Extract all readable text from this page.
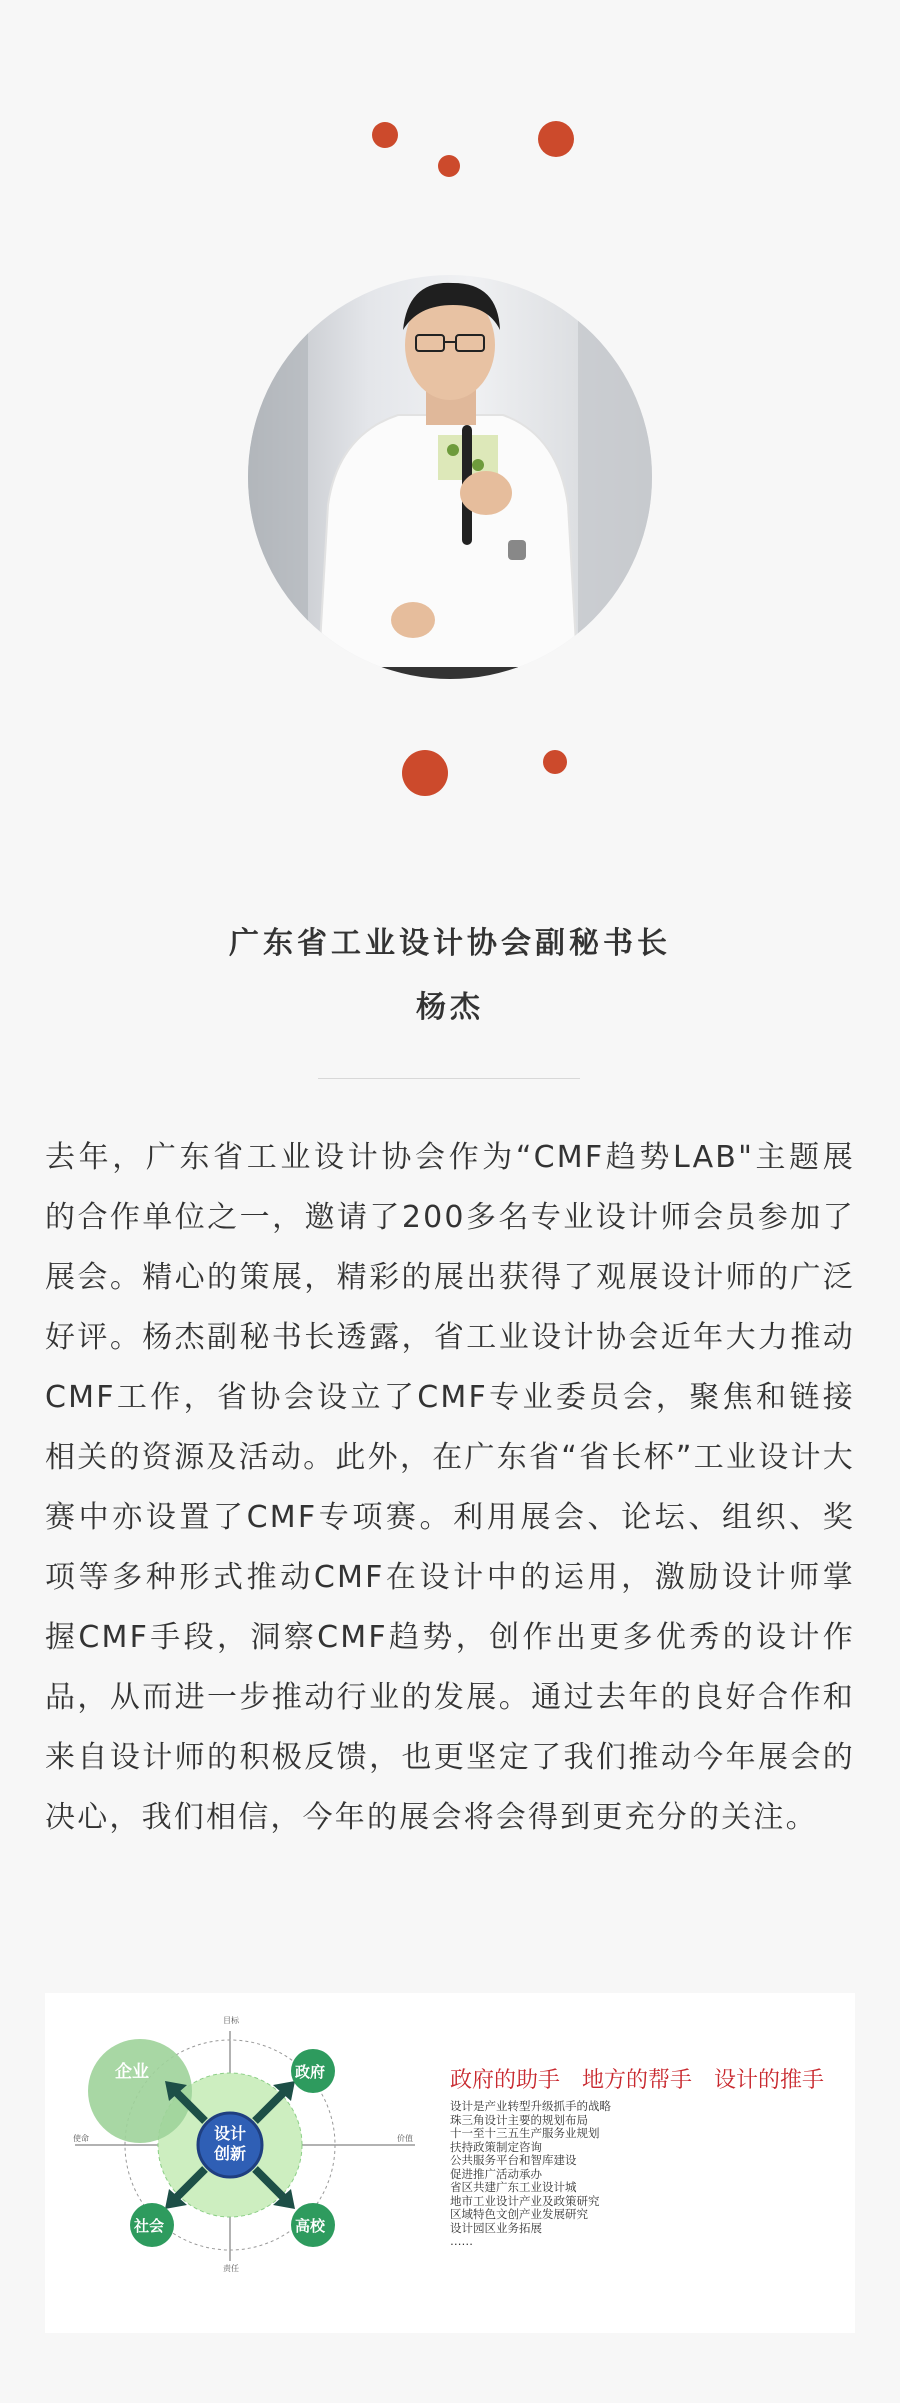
广东省工业设计协会副秘书长
杨杰

去年，广东省工业设计协会作为“CMF趋势LAB"主题展的合作单位之一，邀请了200多名专业设计师会员参加了展会。精心的策展，精彩的展出获得了观展设计师的广泛好评。杨杰副秘书长透露，省工业设计协会近年大力推动CMF工作，省协会设立了CMF专业委员会，聚焦和链接相关的资源及活动。此外，在广东省“省长杯”工业设计大赛中亦设置了CMF专项赛。利用展会、论坛、组织、奖项等多种形式推动CMF在设计中的运用，激励设计师掌握CMF手段，洞察CMF趋势，创作出更多优秀的设计作品，从而进一步推动行业的发展。通过去年的良好合作和来自设计师的积极反馈，也更坚定了我们推动今年展会的决心，我们相信，今年的展会将会得到更充分的关注。

设计创新
企业	政府
社会	高校
目标
责任
使命	价值
政府的助手　地方的帮手　设计的推手
设计是产业转型升级抓手的战略
珠三角设计主要的规划布局
十一至十三五生产服务业规划
扶持政策制定咨询
公共服务平台和智库建设
促进推广活动承办
省区共建广东工业设计城
地市工业设计产业及政策研究
区域特色文创产业发展研究
设计园区业务拓展
……
